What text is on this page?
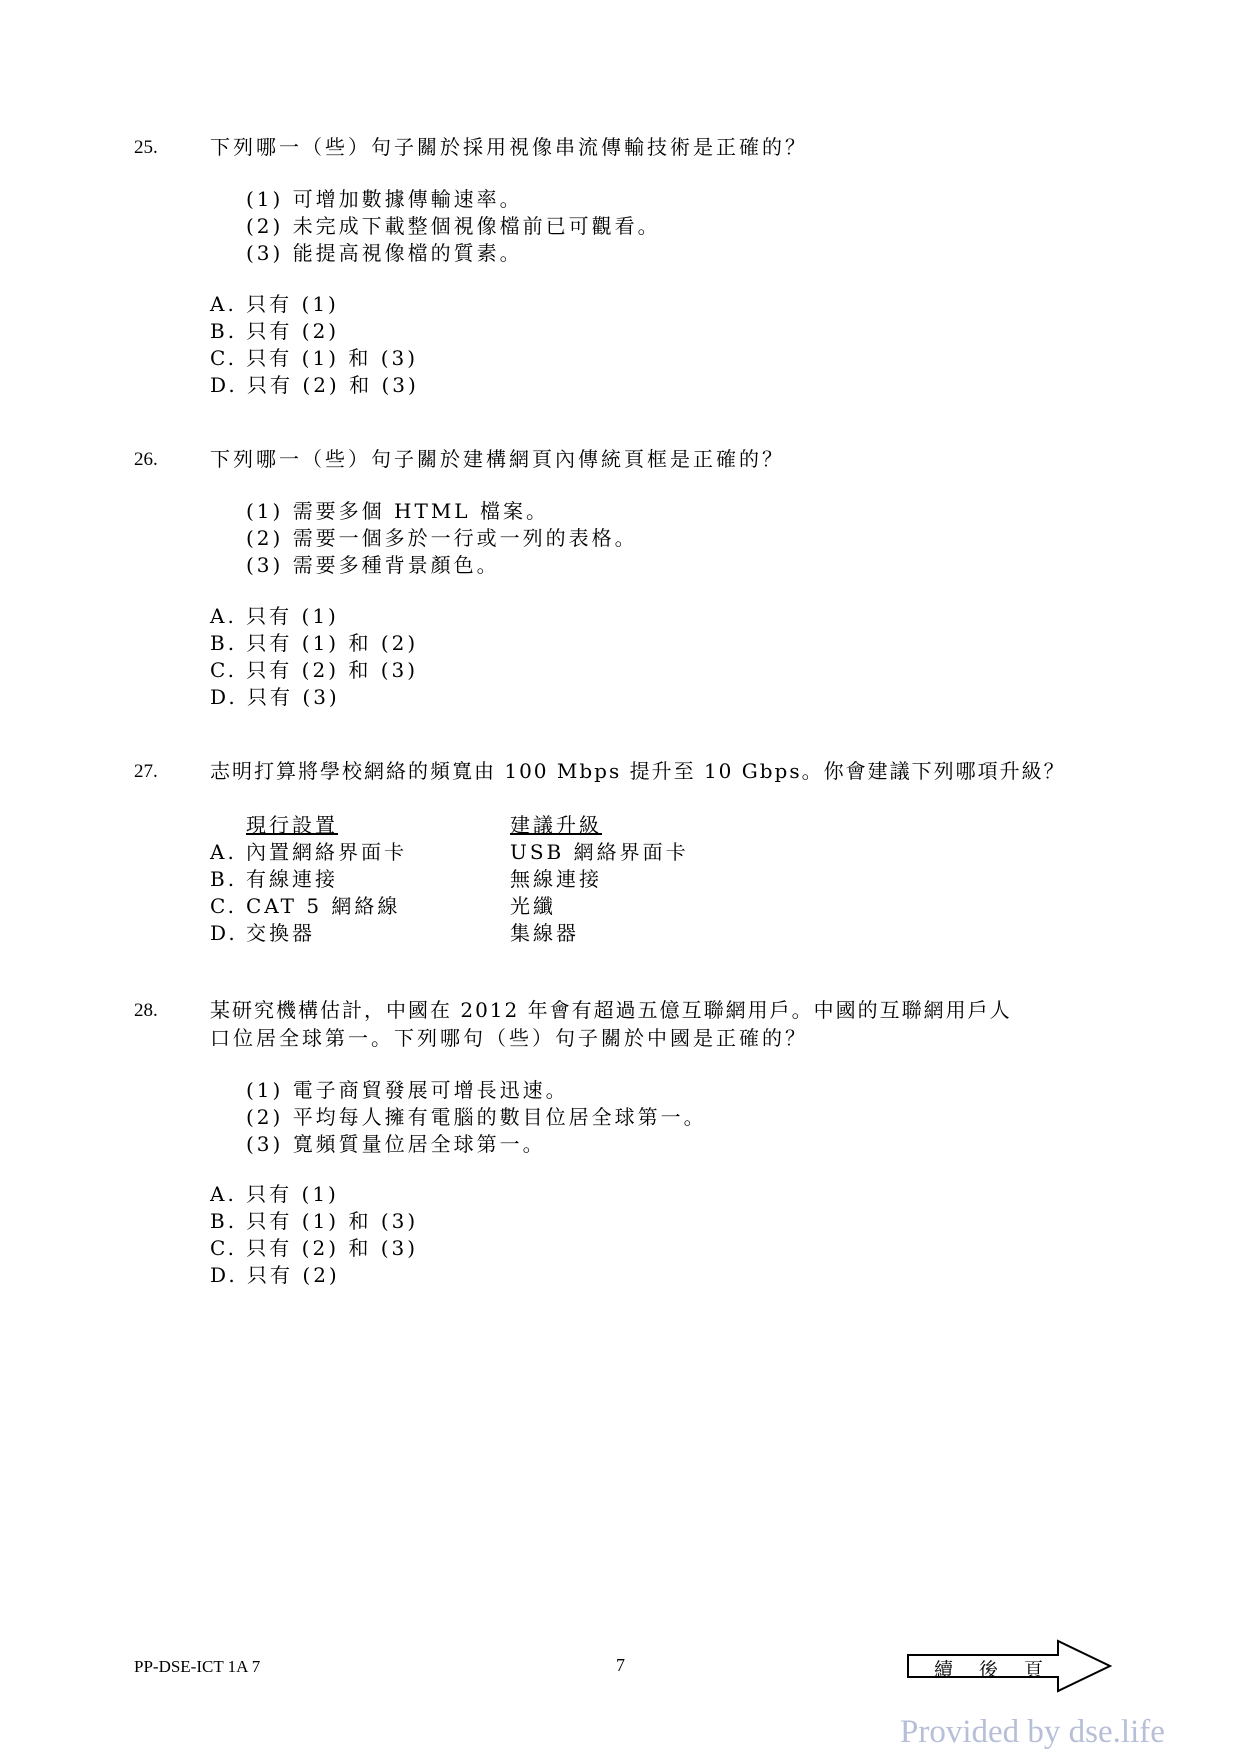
25.	下列哪一（些）句子關於採用視像串流傳輸技術是正確的？
(1) 可增加數據傳輸速率。
(2) 未完成下載整個視像檔前已可觀看。
(3) 能提高視像檔的質素。
A. 只有 (1)
B. 只有 (2)
C. 只有 (1) 和 (3)
D. 只有 (2) 和 (3)
26.	下列哪一（些）句子關於建構網頁內傳統頁框是正確的？
(1) 需要多個 HTML 檔案。
(2) 需要一個多於一行或一列的表格。
(3) 需要多種背景顏色。
A. 只有 (1)
B. 只有 (1) 和 (2)
C. 只有 (2) 和 (3)
D. 只有 (3)
27.	志明打算將學校網絡的頻寬由 100 Mbps 提升至 10 Gbps。你會建議下列哪項升級？
現行設置	建議升級
A. 內置網絡界面卡	USB 網絡界面卡
B. 有線連接	無線連接
C. CAT 5 網絡線	光纖
D. 交換器	集線器
28.	某研究機構估計，中國在 2012 年會有超過五億互聯網用戶。中國的互聯網用戶人
口位居全球第一。下列哪句（些）句子關於中國是正確的？
(1) 電子商貿發展可增長迅速。
(2) 平均每人擁有電腦的數目位居全球第一。
(3) 寬頻質量位居全球第一。
A. 只有 (1)
B. 只有 (1) 和 (3)
C. 只有 (2) 和 (3)
D. 只有 (2)
PP-DSE-ICT 1A 7	7	續後頁
Provided by dse.life
